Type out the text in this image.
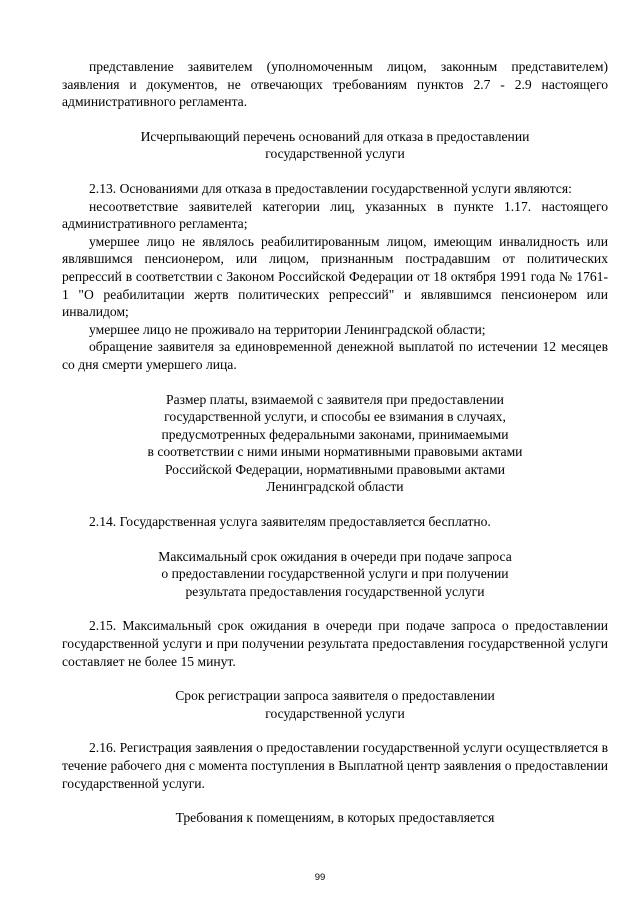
представление заявителем (уполномоченным лицом, законным представителем) заявления и документов, не отвечающих требованиям пунктов 2.7 - 2.9 настоящего административного регламента.

Исчерпывающий перечень оснований для отказа в предоставлении
государственной услуги

2.13. Основаниями для отказа в предоставлении государственной услуги являются:

несоответствие заявителей категории лиц, указанных в пункте 1.17. настоящего административного регламента;

умершее лицо не являлось реабилитированным лицом, имеющим инвалидность или являвшимся пенсионером, или лицом, признанным пострадавшим от политических репрессий в соответствии с Законом Российской Федерации от 18 октября 1991 года № 1761-1 "О реабилитации жертв политических репрессий" и являвшимся пенсионером или инвалидом;

умершее лицо не проживало на территории Ленинградской области;

обращение заявителя за единовременной денежной выплатой по истечении 12 месяцев со дня смерти умершего лица.

Размер платы, взимаемой с заявителя при предоставлении
государственной услуги, и способы ее взимания в случаях,
предусмотренных федеральными законами, принимаемыми
в соответствии с ними иными нормативными правовыми актами
Российской Федерации, нормативными правовыми актами
Ленинградской области

2.14. Государственная услуга заявителям предоставляется бесплатно.

Максимальный срок ожидания в очереди при подаче запроса
о предоставлении государственной услуги и при получении
результата предоставления государственной услуги

2.15. Максимальный срок ожидания в очереди при подаче запроса о предоставлении государственной услуги и при получении результата предоставления государственной услуги составляет не более 15 минут.

Срок регистрации запроса заявителя о предоставлении
государственной услуги

2.16. Регистрация заявления о предоставлении государственной услуги осуществляется в течение рабочего дня с момента поступления в Выплатной центр заявления о предоставлении государственной услуги.

Требования к помещениям, в которых предоставляется
99
